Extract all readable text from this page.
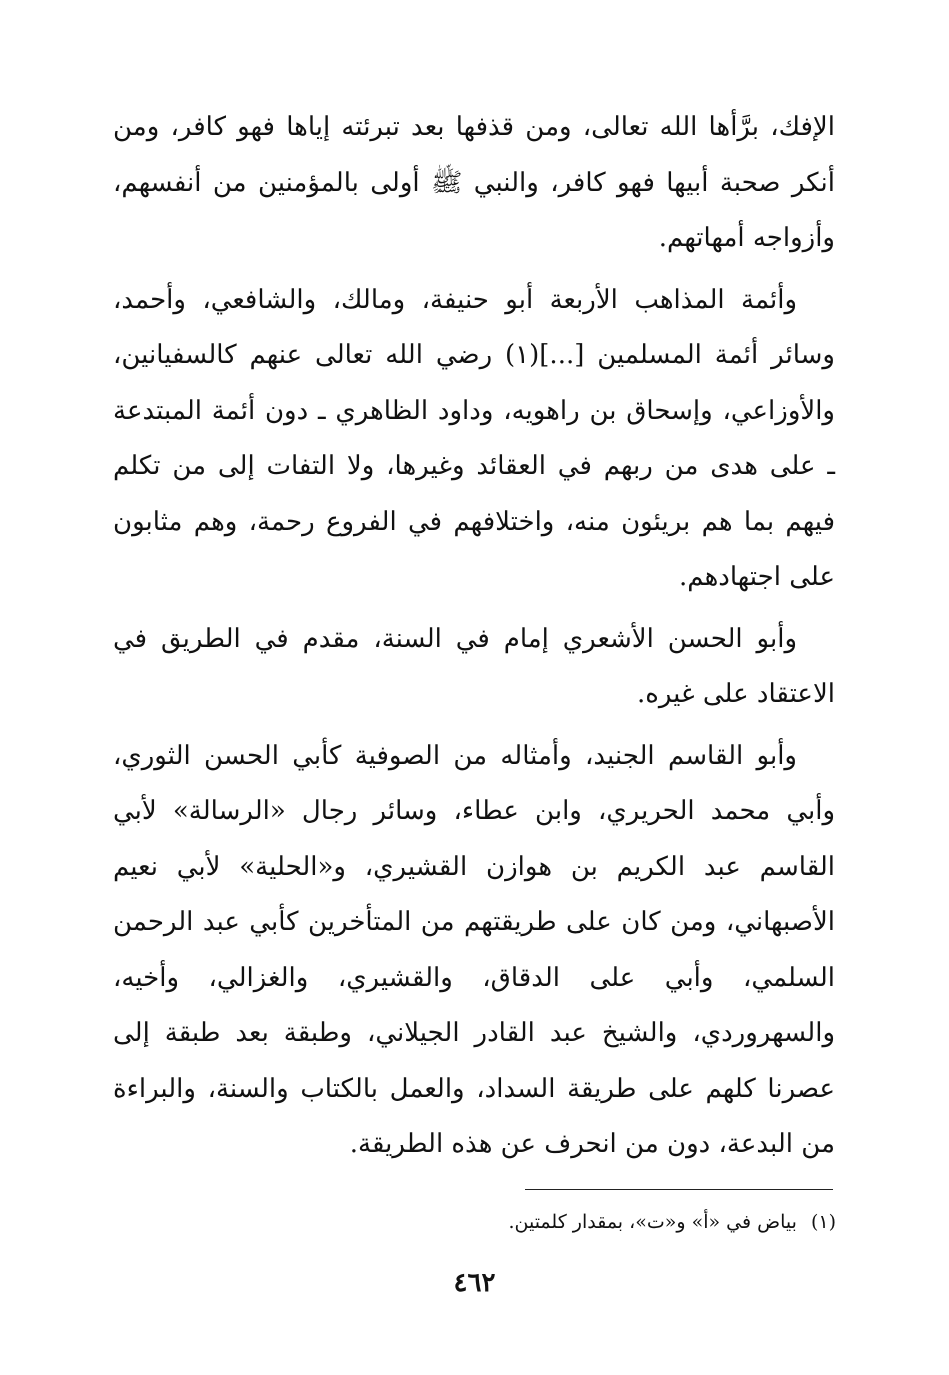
الإفك، برَّأها الله تعالى، ومن قذفها بعد تبرئته إياها فهو كافر، ومن أنكر صحبة أبيها فهو كافر، والنبي ﷺ أولى بالمؤمنين من أنفسهم، وأزواجه أمهاتهم.

وأئمة المذاهب الأربعة أبو حنيفة، ومالك، والشافعي، وأحمد، وسائر أئمة المسلمين [...](١) رضي الله تعالى عنهم كالسفيانين، والأوزاعي، وإسحاق بن راهويه، وداود الظاهري ـ دون أئمة المبتدعة ـ على هدى من ربهم في العقائد وغيرها، ولا التفات إلى من تكلم فيهم بما هم بريئون منه، واختلافهم في الفروع رحمة، وهم مثابون على اجتهادهم.

وأبو الحسن الأشعري إمام في السنة، مقدم في الطريق في الاعتقاد على غيره.

وأبو القاسم الجنيد، وأمثاله من الصوفية كأبي الحسن الثوري، وأبي محمد الحريري، وابن عطاء، وسائر رجال «الرسالة» لأبي القاسم عبد الكريم بن هوازن القشيري، و«الحلية» لأبي نعيم الأصبهاني، ومن كان على طريقتهم من المتأخرين كأبي عبد الرحمن السلمي، وأبي على الدقاق، والقشيري، والغزالي، وأخيه، والسهروردي، والشيخ عبد القادر الجيلاني، وطبقة بعد طبقة إلى عصرنا كلهم على طريقة السداد، والعمل بالكتاب والسنة، والبراءة من البدعة، دون من انحرف عن هذه الطريقة.

(١)بياض في «أ» و«ت»، بمقدار كلمتين.
٤٦٢
